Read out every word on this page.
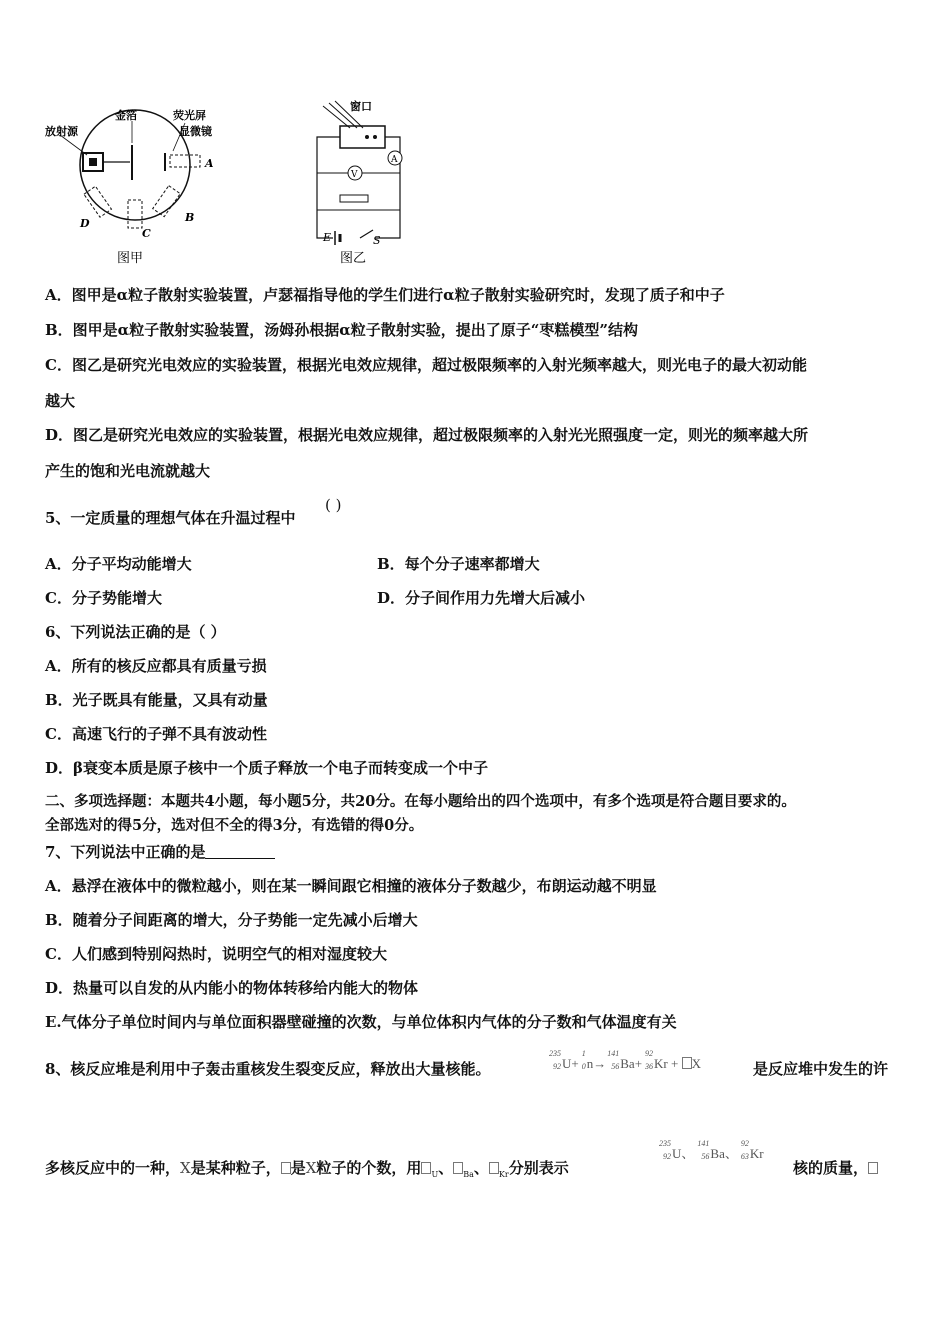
放射源
金箔	荧光屏
显微镜
A
B
C
D
图甲
A
V
窗口
E	S
图乙
A．图甲是α粒子散射实验装置，卢瑟福指导他的学生们进行α粒子散射实验研究时，发现了质子和中子
B．图甲是α粒子散射实验装置，汤姆孙根据α粒子散射实验，提出了原子“枣糕模型”结构
C．图乙是研究光电效应的实验装置，根据光电效应规律，超过极限频率的入射光频率越大，则光电子的最大初动能
越大
D．图乙是研究光电效应的实验装置，根据光电效应规律，超过极限频率的入射光光照强度一定，则光的频率越大所
产生的饱和光电流就越大
5、一定质量的理想气体在升温过程中
( )
A．分子平均动能增大	B．每个分子速率都增大
C．分子势能增大	D．分子间作用力先增大后减小
6、下列说法正确的是（ ）
A．所有的核反应都具有质量亏损
B．光子既具有能量，又具有动量
C．高速飞行的子弹不具有波动性
D．β衰变本质是原子核中一个质子释放一个电子而转变成一个中子
二、多项选择题：本题共4小题，每小题5分，共20分。在每小题给出的四个选项中，有多个选项是符合题目要求的。
全部选对的得5分，选对但不全的得3分，有选错的得0分。
7、下列说法中正确的是
A．悬浮在液体中的微粒越小，则在某一瞬间跟它相撞的液体分子数越少，布朗运动越不明显
B．随着分子间距离的增大，分子势能一定先减小后增大
C．人们感到特别闷热时，说明空气的相对湿度较大
D．热量可以自发的从内能小的物体转移给内能大的物体
E.气体分子单位时间内与单位面积器壁碰撞的次数，与单位体积内气体的分子数和气体温度有关
8、核反应堆是利用中子轰击重核发生裂变反应，释放出大量核能。
235
92 U+
1
0 n→
141
56 Ba+
92
36 Kr + X	是反应堆中发生的许
多核反应中的一种，X是某种粒子， 是X粒子的个数，用 $_U$、 $_{Ba}$、 $_{Kr}$分别表示
235
92 U、
141
56 Ba、
92
63 Kr
核的质量，
